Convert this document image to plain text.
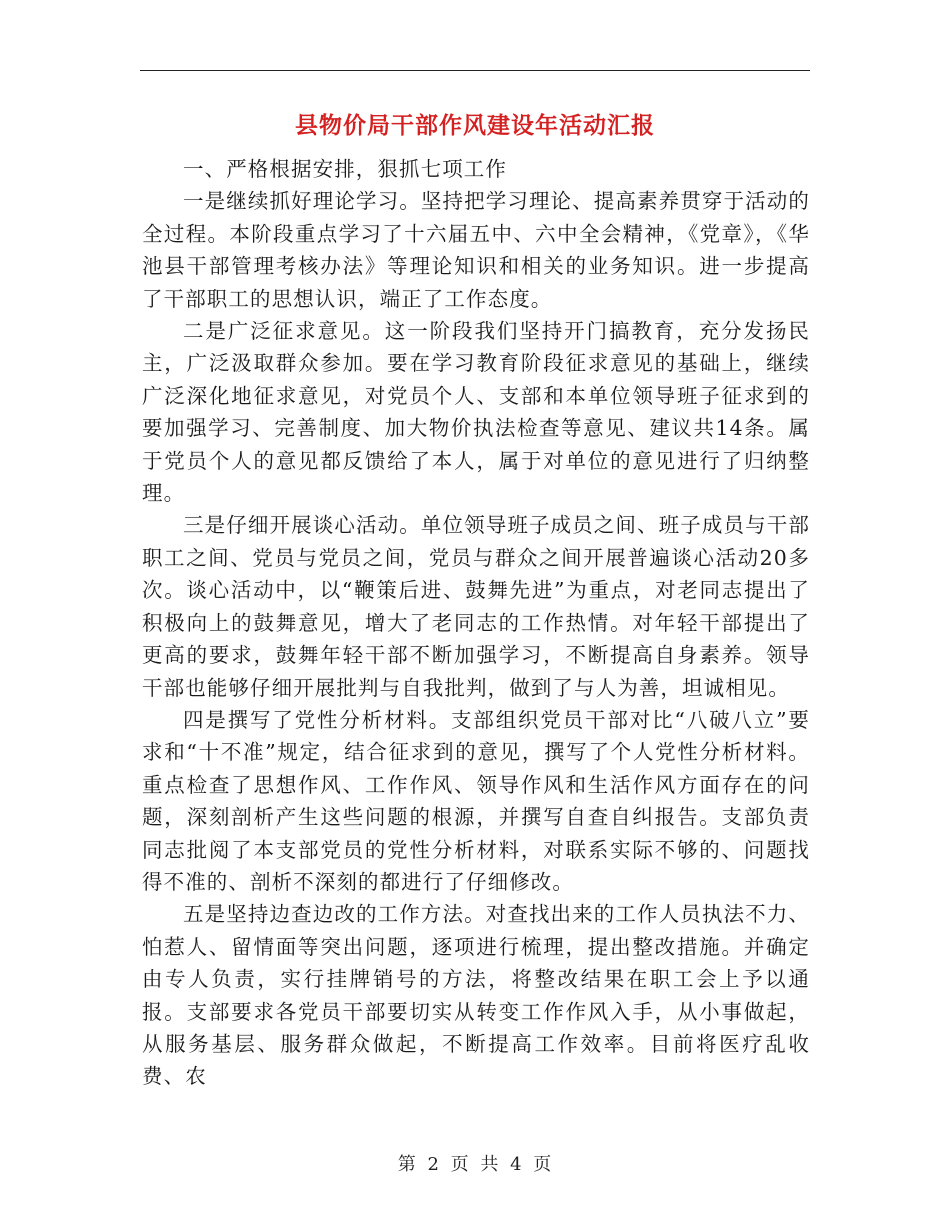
县物价局干部作风建设年活动汇报

一、严格根据安排，狠抓七项工作

一是继续抓好理论学习。坚持把学习理论、提高素养贯穿于活动的全过程。本阶段重点学习了十六届五中、六中全会精神，《党章》，《华池县干部管理考核办法》等理论知识和相关的业务知识。进一步提高了干部职工的思想认识，端正了工作态度。

二是广泛征求意见。这一阶段我们坚持开门搞教育，充分发扬民主，广泛汲取群众参加。要在学习教育阶段征求意见的基础上，继续广泛深化地征求意见，对党员个人、支部和本单位领导班子征求到的要加强学习、完善制度、加大物价执法检查等意见、建议共14条。属于党员个人的意见都反馈给了本人，属于对单位的意见进行了归纳整理。

三是仔细开展谈心活动。单位领导班子成员之间、班子成员与干部职工之间、党员与党员之间，党员与群众之间开展普遍谈心活动20多次。谈心活动中，以“鞭策后进、鼓舞先进”为重点，对老同志提出了积极向上的鼓舞意见，增大了老同志的工作热情。对年轻干部提出了更高的要求，鼓舞年轻干部不断加强学习，不断提高自身素养。领导干部也能够仔细开展批判与自我批判，做到了与人为善，坦诚相见。

四是撰写了党性分析材料。支部组织党员干部对比“八破八立”要求和“十不准”规定，结合征求到的意见，撰写了个人党性分析材料。重点检查了思想作风、工作作风、领导作风和生活作风方面存在的问题，深刻剖析产生这些问题的根源，并撰写自查自纠报告。支部负责同志批阅了本支部党员的党性分析材料，对联系实际不够的、问题找得不准的、剖析不深刻的都进行了仔细修改。

五是坚持边查边改的工作方法。对查找出来的工作人员执法不力、怕惹人、留情面等突出问题，逐项进行梳理，提出整改措施。并确定由专人负责，实行挂牌销号的方法，将整改结果在职工会上予以通报。支部要求各党员干部要切实从转变工作作风入手，从小事做起，从服务基层、服务群众做起，不断提高工作效率。目前将医疗乱收费、农

第 2 页 共 4 页
